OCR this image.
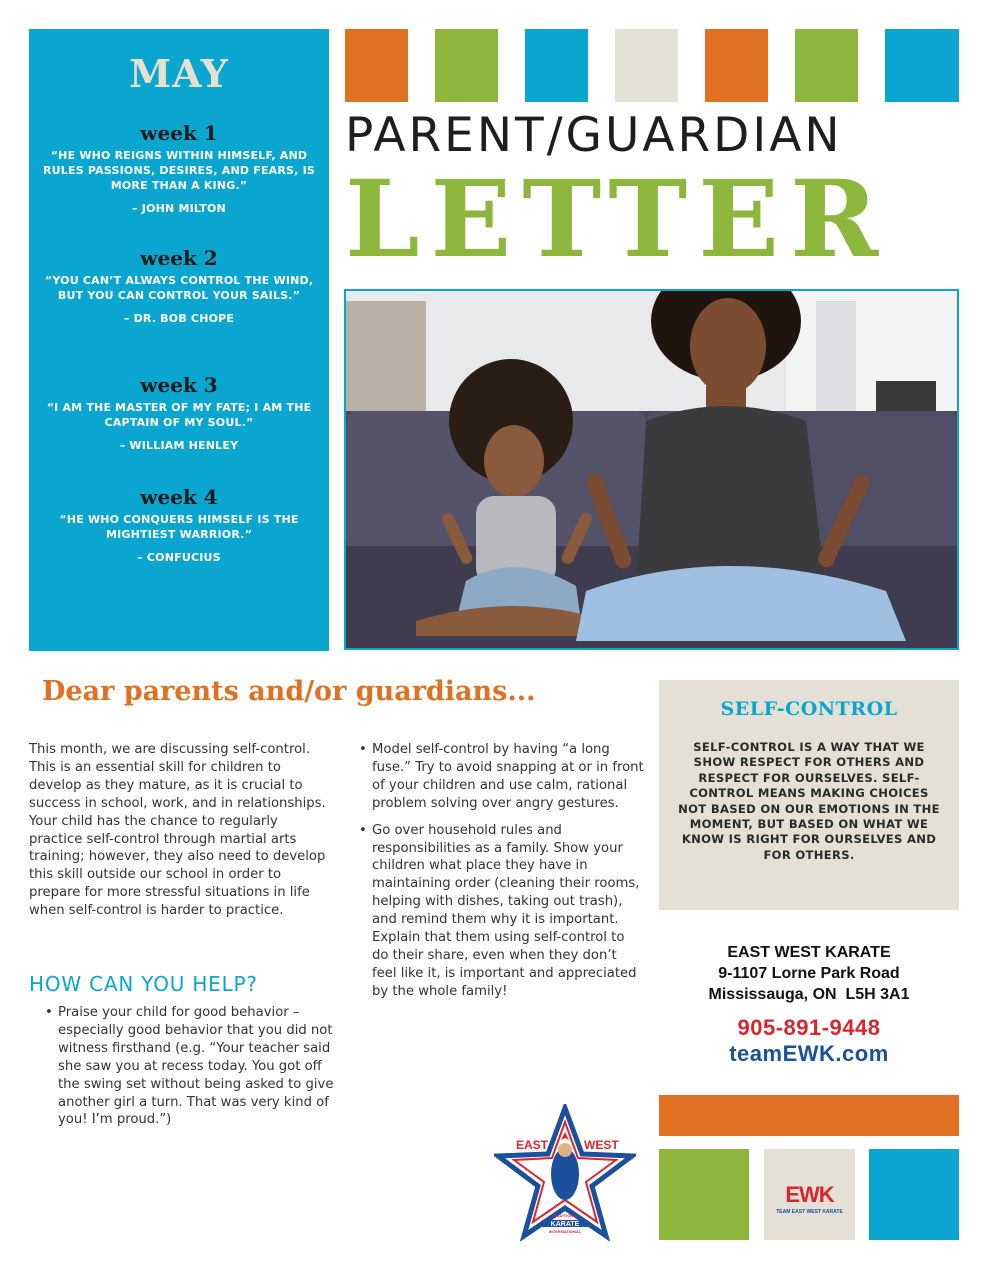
MAY
week 1
“HE WHO REIGNS WITHIN HIMSELF, AND RULES PASSIONS, DESIRES, AND FEARS, IS MORE THAN A KING.”
– JOHN MILTON
week 2
“YOU CAN’T ALWAYS CONTROL THE WIND, BUT YOU CAN CONTROL YOUR SAILS.”
– DR. BOB CHOPE
week 3
“I AM THE MASTER OF MY FATE; I AM THE CAPTAIN OF MY SOUL.”
– WILLIAM HENLEY
week 4
“HE WHO CONQUERS HIMSELF IS THE MIGHTIEST WARRIOR.”
– CONFUCIUS
PARENT/GUARDIAN
LETTER
Dear parents and/or guardians...
This month, we are discussing self-control. This is an essential skill for children to develop as they mature, as it is crucial to success in school, work, and in relationships. Your child has the chance to regularly practice self-control through martial arts training; however, they also need to develop this skill outside our school in order to prepare for more stressful situations in life when self-control is harder to practice.
HOW CAN YOU HELP?
• Praise your child for good behavior – especially good behavior that you did not witness firsthand (e.g. “Your teacher said she saw you at recess today. You got off the swing set without being asked to give another girl a turn. That was very kind of you! I’m proud.”)
• Model self-control by having “a long fuse.” Try to avoid snapping at or in front of your children and use calm, rational problem solving over angry gestures.
• Go over household rules and responsibilities as a family. Show your children what place they have in maintaining order (cleaning their rooms, helping with dishes, taking out trash), and remind them why it is important. Explain that them using self-control to do their share, even when they don’t feel like it, is important and appreciated by the whole family!
SELF-CONTROL
SELF-CONTROL IS A WAY THAT WE SHOW RESPECT FOR OTHERS AND RESPECT FOR OURSELVES. SELF-CONTROL MEANS MAKING CHOICES NOT BASED ON OUR EMOTIONS IN THE MOMENT, BUT BASED ON WHAT WE KNOW IS RIGHT FOR OURSELVES AND FOR OTHERS.
EAST WEST KARATE
9-1107 Lorne Park Road
Mississauga, ON  L5H 3A1
905-891-9448
teamEWK.com
EAST	WEST
TRADITIONAL
KARATE
INTERNATIONAL
EWK
TEAM EAST WEST KARATE
